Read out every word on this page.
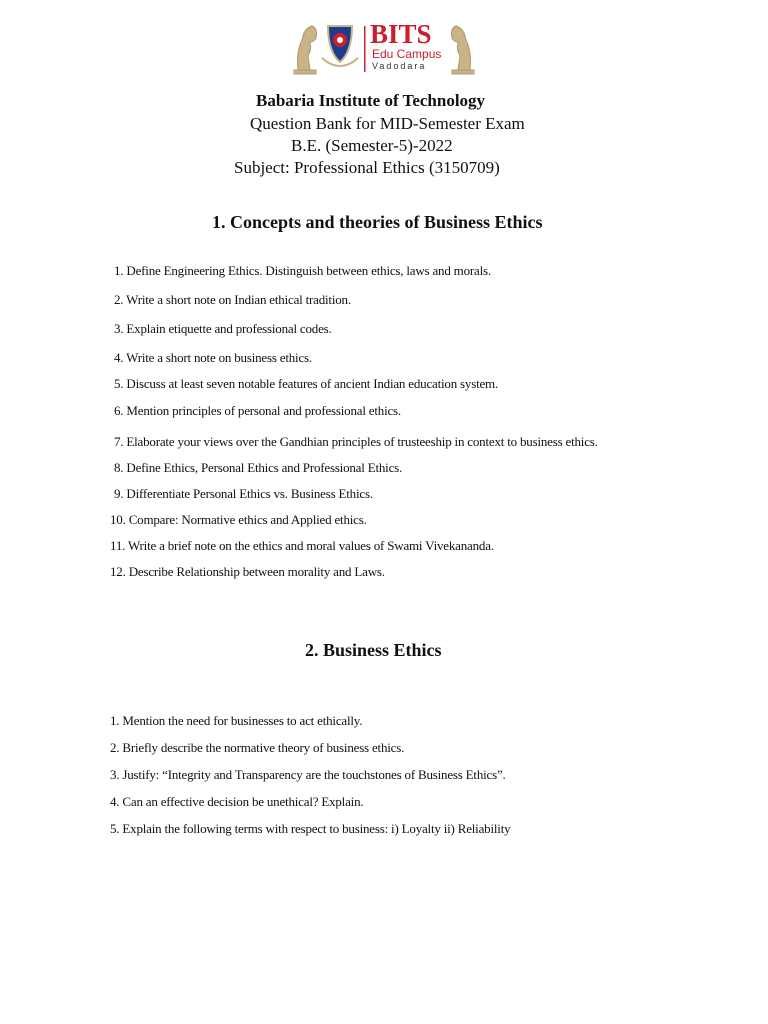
BITS
Edu Campus
Vadodara
Babaria Institute of Technology
Question Bank for MID-Semester Exam
B.E. (Semester-5)-2022
Subject: Professional Ethics (3150709)
1. Concepts and theories of Business Ethics
1. Define Engineering Ethics. Distinguish between ethics, laws and morals.
2. Write a short note on Indian ethical tradition.
3. Explain etiquette and professional codes.
4. Write a short note on business ethics.
5. Discuss at least seven notable features of ancient Indian education system.
6. Mention principles of personal and professional ethics.
7. Elaborate your views over the Gandhian principles of trusteeship in context to business ethics.
8. Define Ethics, Personal Ethics and Professional Ethics.
9. Differentiate Personal Ethics vs. Business Ethics.
10. Compare: Normative ethics and Applied ethics.
11. Write a brief note on the ethics and moral values of Swami Vivekananda.
12. Describe Relationship between morality and Laws.
2. Business Ethics
1. Mention the need for businesses to act ethically.
2. Briefly describe the normative theory of business ethics.
3. Justify: “Integrity and Transparency are the touchstones of Business Ethics”.
4. Can an effective decision be unethical? Explain.
5. Explain the following terms with respect to business: i) Loyalty ii) Reliability
